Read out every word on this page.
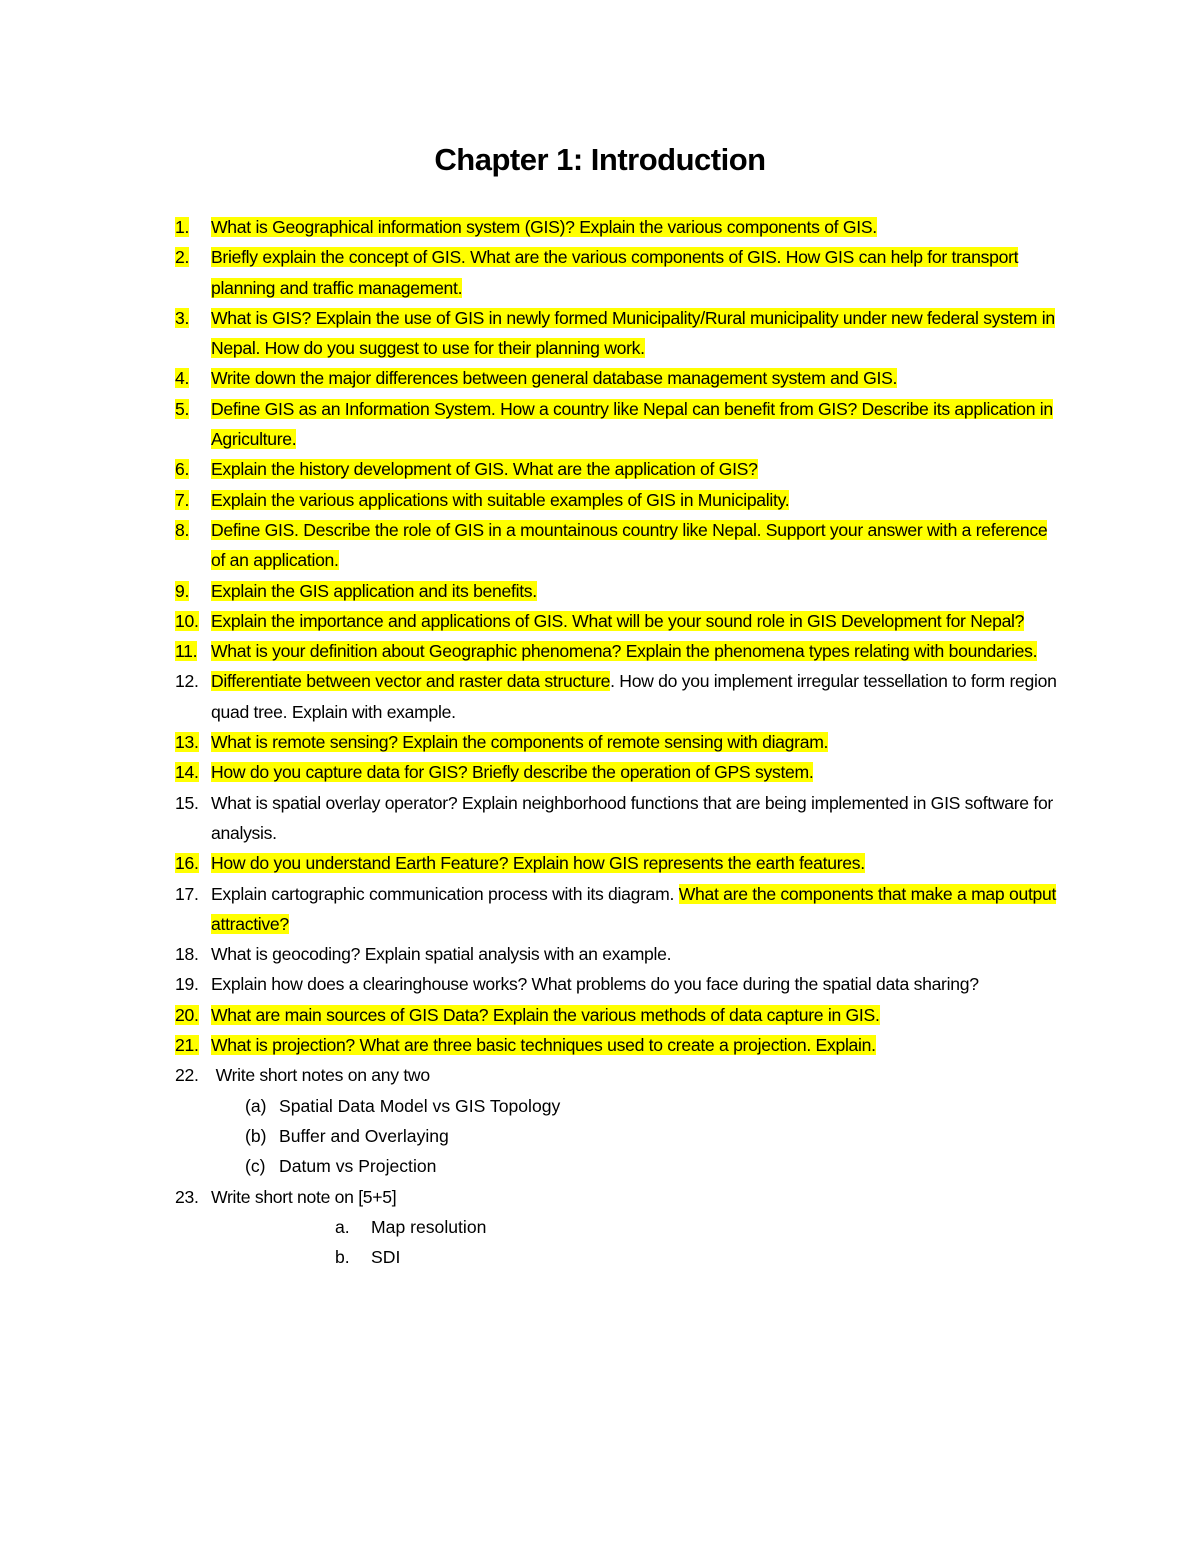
Chapter 1: Introduction
1.	What is Geographical information system (GIS)? Explain the various components of GIS.
2.	Briefly explain the concept of GIS. What are the various components of GIS. How GIS can help for transport planning and traffic management.
3.	What is GIS? Explain the use of GIS in newly formed Municipality/Rural municipality under new federal system in Nepal. How do you suggest to use for their planning work.
4.	Write down the major differences between general database management system and GIS.
5.	Define GIS as an Information System. How a country like Nepal can benefit from GIS? Describe its application in Agriculture.
6.	Explain the history development of GIS. What are the application of GIS?
7.	Explain the various applications with suitable examples of GIS in Municipality.
8.	Define GIS. Describe the role of GIS in a mountainous country like Nepal. Support your answer with a reference of an application.
9.	Explain the GIS application and its benefits.
10. Explain the importance and applications of GIS. What will be your sound role in GIS Development for Nepal?
11. What is your definition about Geographic phenomena? Explain the phenomena types relating with boundaries.
12. Differentiate between vector and raster data structure. How do you implement irregular tessellation to form region quad tree. Explain with example.
13. What is remote sensing? Explain the components of remote sensing with diagram.
14. How do you capture data for GIS? Briefly describe the operation of GPS system.
15. What is spatial overlay operator? Explain neighborhood functions that are being implemented in GIS software for analysis.
16. How do you understand Earth Feature? Explain how GIS represents the earth features.
17. Explain cartographic communication process with its diagram. What are the components that make a map output attractive?
18. What is geocoding? Explain spatial analysis with an example.
19. Explain how does a clearinghouse works? What problems do you face during the spatial data sharing?
20. What are main sources of GIS Data? Explain the various methods of data capture in GIS.
21. What is projection? What are three basic techniques used to create a projection. Explain.
22. Write short notes on any two
(a) Spatial Data Model vs GIS Topology
(b) Buffer and Overlaying
(c) Datum vs Projection
23. Write short note on [5+5]
a.	Map resolution
b.	SDI
